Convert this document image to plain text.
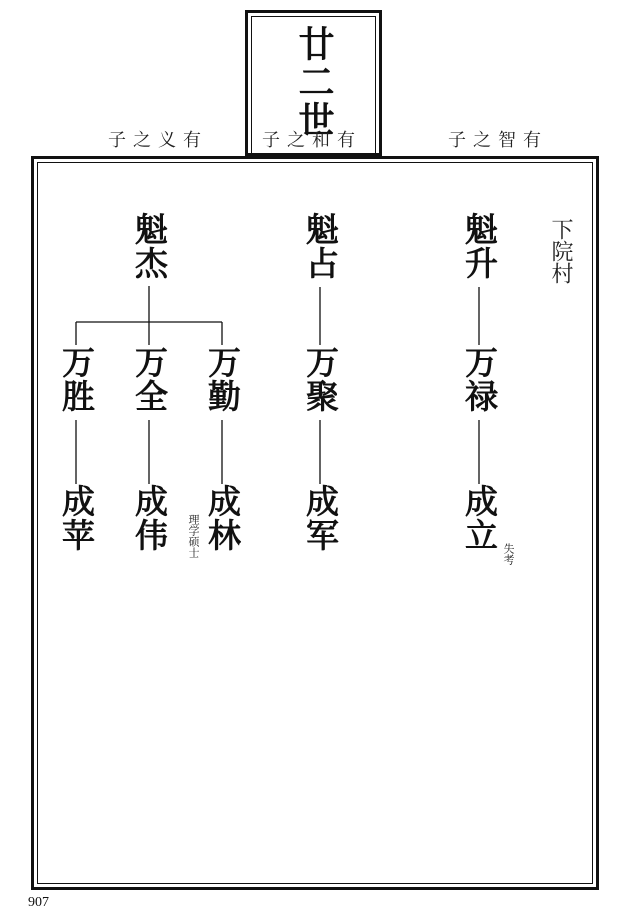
廿二世
子之义有	子之和有	子之智有
魁杰	魁占	魁升
万胜 万全 万勤 万聚	万禄
成苹 成伟 成林 成军	成立
理学硕士	失考
下院村
907
